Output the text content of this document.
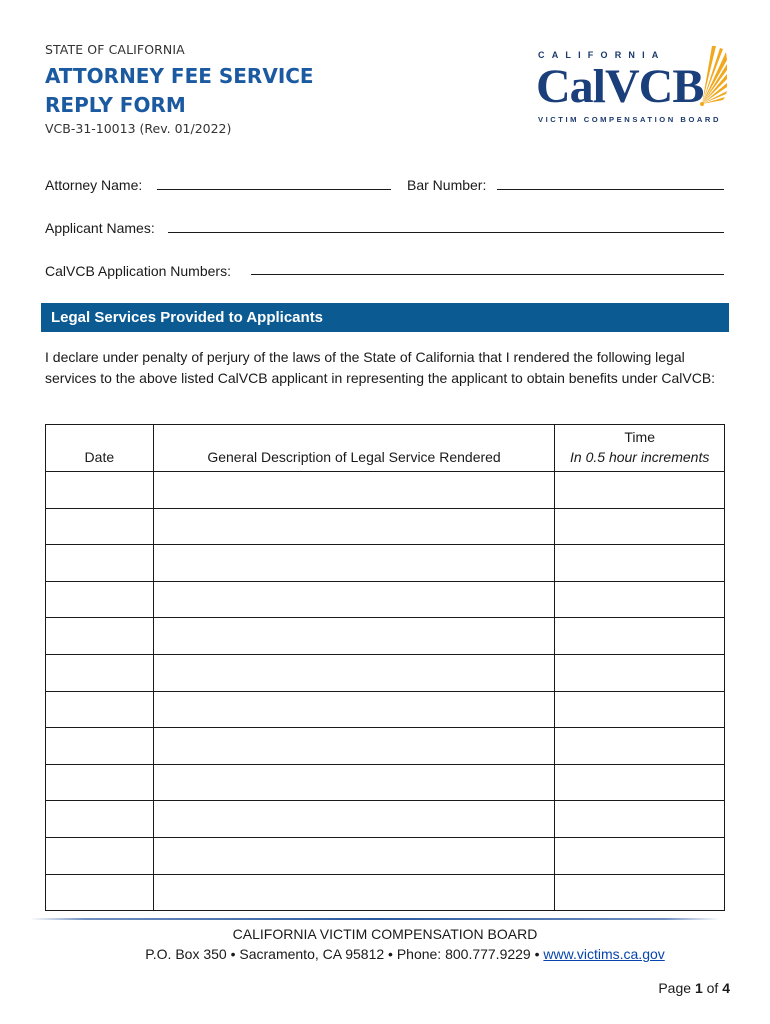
STATE OF CALIFORNIA
ATTORNEY FEE SERVICE
REPLY FORM
VCB-31-10013 (Rev. 01/2022)
CALIFORNIA
CalVCB
VICTIM COMPENSATION BOARD
Attorney Name:	Bar Number:
Applicant Names:
CalVCB Application Numbers:
Legal Services Provided to Applicants
I declare under penalty of perjury of the laws of the State of California that I rendered the following legal services to the above listed CalVCB applicant in representing the applicant to obtain benefits under CalVCB:
Date	General Description of Legal Service Rendered	Time
In 0.5 hour increments

CALIFORNIA VICTIM COMPENSATION BOARD
P.O. Box 350 • Sacramento, CA 95812 • Phone: 800.777.9229 • www.victims.ca.gov
Page 1 of 4
